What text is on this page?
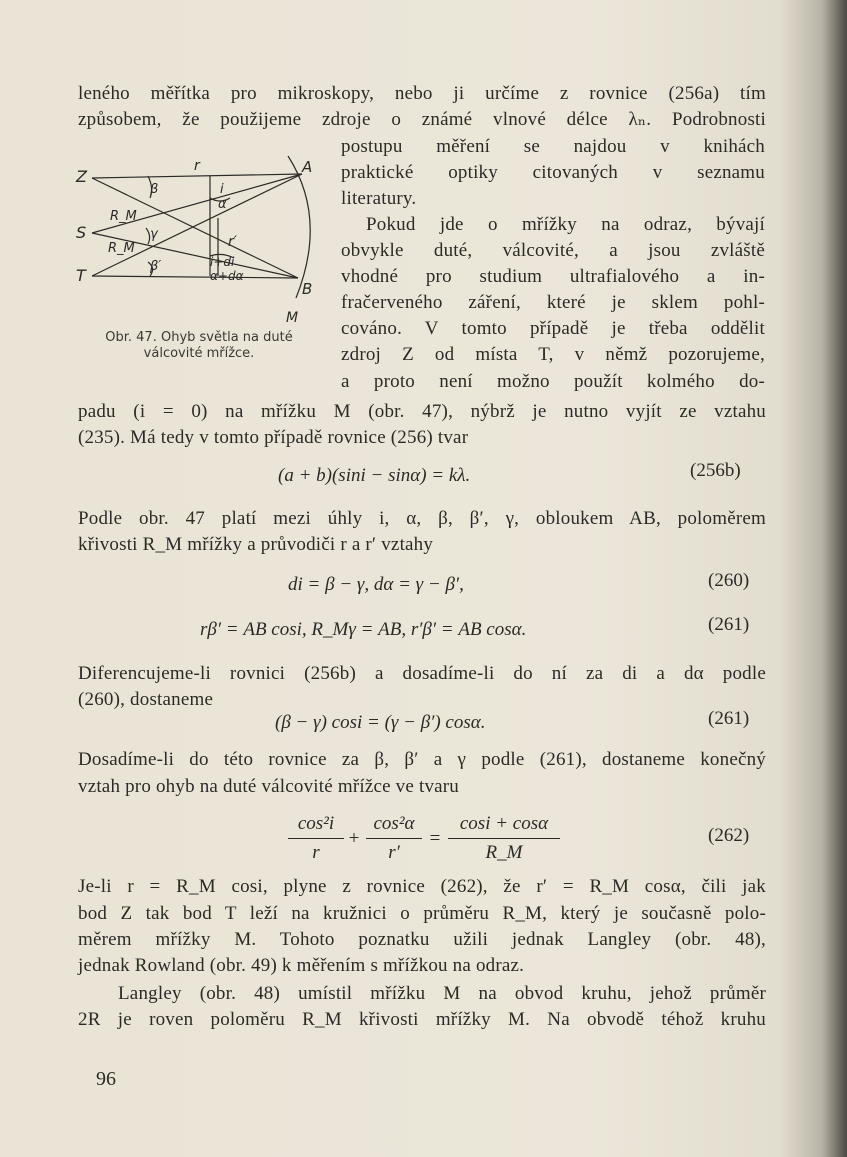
leného měřítka pro mikroskopy, nebo ji určíme z rovnice (256a) tím
způsobem, že použijeme zdroje o známé vlnové délce λₙ. Podrobnosti
postupu měření se najdou v knihách
praktické optiky citovaných v seznamu
literatury.
Pokud jde o mřížky na odraz, bývají
obvykle duté, válcovité, a jsou zvláště
vhodné pro studium ultrafialového a in-
fračerveného záření, které je sklem pohl-
cováno. V tomto případě je třeba oddělit
zdroj Z od místa T, v němž pozorujeme,
a proto není možno použít kolmého do-
padu (i = 0) na mřížku M (obr. 47), nýbrž je nutno vyjít ze vztahu
(235). Má tedy v tomto případě rovnice (256) tvar
(a + b)(sini − sinα) = kλ.	(256b)
Podle obr. 47 platí mezi úhly i, α, β, β′, γ, obloukem AB, poloměrem
křivosti R_M mřížky a průvodiči r a r′ vztahy
di = β − γ, dα = γ − β′,	(260)
rβ′ = AB cosi, R_Mγ = AB, r′β′ = AB cosα.	(261)
Diferencujeme-li rovnici (256b) a dosadíme-li do ní za di a dα podle
(260), dostaneme
(β − γ) cosi = (γ − β′) cosα.	(261)
Dosadíme-li do této rovnice za β, β′ a γ podle (261), dostaneme konečný
vztah pro ohyb na duté válcovité mřížce ve tvaru
cos²i
r
+
cos²α
r′
=
cosi + cosα
R_M
(262)
Je-li r = R_M cosi, plyne z rovnice (262), že r′ = R_M cosα, čili jak
bod Z tak bod T leží na kružnici o průměru R_M, který je současně polo-
měrem mřížky M. Tohoto poznatku užili jednak Langley (obr. 48),
jednak Rowland (obr. 49) k měřením s mřížkou na odraz.
Langley (obr. 48) umístil mřížku M na obvod kruhu, jehož průměr
2R je roven poloměru R_M křivosti mřížky M. Na obvodě téhož kruhu
Z
S
T
A
B
M
r
r′
i
α
β
γ
β′
R_M
R_M
i+di
α+dα
Obr. 47. Ohyb světla na duté
válcovité mřížce.
96
